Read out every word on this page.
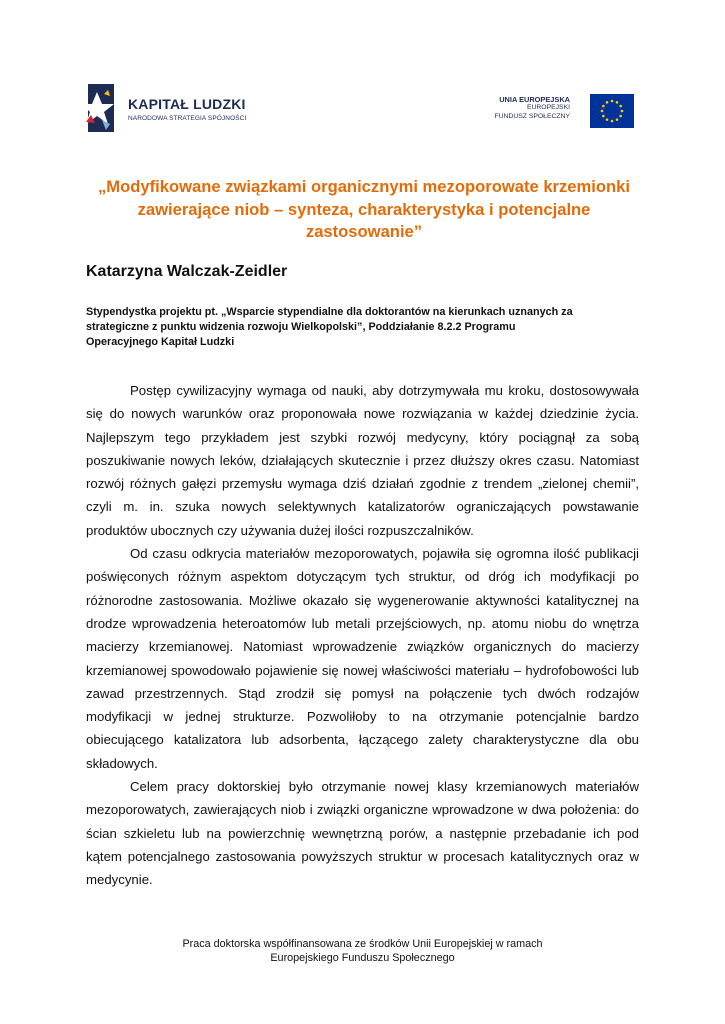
KAPITAŁ LUDZKI
NARODOWA STRATEGIA SPÓJNOŚCI
UNIA EUROPEJSKA
EUROPEJSKI
FUNDUSZ SPOŁECZNY
„Modyfikowane związkami organicznymi mezoporowate krzemionki
zawierające niob – synteza, charakterystyka i potencjalne
zastosowanie”
Katarzyna Walczak-Zeidler
Stypendystka projektu pt. „Wsparcie stypendialne dla doktorantów na kierunkach uznanych za
strategiczne z punktu widzenia rozwoju Wielkopolski”, Poddziałanie 8.2.2 Programu
Operacyjnego Kapitał Ludzki

Postęp cywilizacyjny wymaga od nauki, aby dotrzymywała mu kroku, dostosowywała się do nowych warunków oraz proponowała nowe rozwiązania w każdej dziedzinie życia. Najlepszym tego przykładem jest szybki rozwój medycyny, który pociągnął za sobą poszukiwanie nowych leków, działających skutecznie i przez dłuższy okres czasu. Natomiast rozwój różnych gałęzi przemysłu wymaga dziś działań zgodnie z trendem „zielonej chemii”, czyli m. in. szuka nowych selektywnych katalizatorów ograniczających powstawanie produktów ubocznych czy używania dużej ilości rozpuszczalników.

Od czasu odkrycia materiałów mezoporowatych, pojawiła się ogromna ilość publikacji poświęconych różnym aspektom dotyczącym tych struktur, od dróg ich modyfikacji po różnorodne zastosowania. Możliwe okazało się wygenerowanie aktywności katalitycznej na drodze wprowadzenia heteroatomów lub metali przejściowych, np. atomu niobu do wnętrza macierzy krzemianowej. Natomiast wprowadzenie związków organicznych do macierzy krzemianowej spowodowało pojawienie się nowej właściwości materiału – hydrofobowości lub zawad przestrzennych. Stąd zrodził się pomysł na połączenie tych dwóch rodzajów modyfikacji w jednej strukturze. Pozwoliłoby to na otrzymanie potencjalnie bardzo obiecującego katalizatora lub adsorbenta, łączącego zalety charakterystyczne dla obu składowych.

Celem pracy doktorskiej było otrzymanie nowej klasy krzemianowych materiałów mezoporowatych, zawierających niob i związki organiczne wprowadzone w dwa położenia: do ścian szkieletu lub na powierzchnię wewnętrzną porów, a następnie przebadanie ich pod kątem potencjalnego zastosowania powyższych struktur w procesach katalitycznych oraz w medycynie.

Praca doktorska współfinansowana ze środków Unii Europejskiej w ramach
Europejskiego Funduszu Społecznego
